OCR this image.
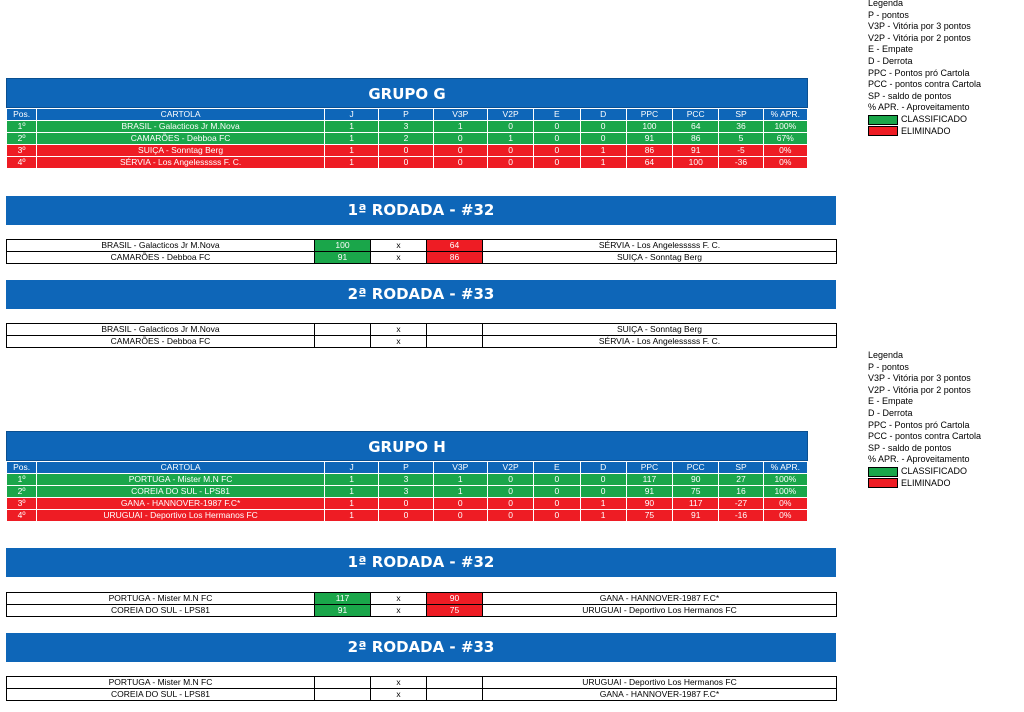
GRUPO G
Pos.	CARTOLA	J	P	V3P	V2P	E	D	PPC	PCC	SP	% APR.
1º	BRASIL - Galacticos Jr M.Nova	1	3	1	0	0	0	100	64	36	100%
2º	CAMARÕES - Debboa FC	1	2	0	1	0	0	91	86	5	67%
3º	SUIÇA - Sonntag Berg	1	0	0	0	0	1	86	91	-5	0%
4º	SÉRVIA - Los Angelesssss F. C.	1	0	0	0	0	1	64	100	-36	0%
1ª RODADA - #32
BRASIL - Galacticos Jr M.Nova	100	x	64	SÉRVIA - Los Angelesssss F. C.
CAMARÕES - Debboa FC	91	x	86	SUIÇA - Sonntag Berg
2ª RODADA - #33
BRASIL - Galacticos Jr M.Nova		x		SUIÇA - Sonntag Berg
CAMARÕES - Debboa FC		x		SÉRVIA - Los Angelesssss F. C.
GRUPO H
Pos.	CARTOLA	J	P	V3P	V2P	E	D	PPC	PCC	SP	% APR.
1º	PORTUGA - Mister M.N FC	1	3	1	0	0	0	117	90	27	100%
2º	COREIA DO SUL - LPS81	1	3	1	0	0	0	91	75	16	100%
3º	GANA - HANNOVER-1987 F.C*	1	0	0	0	0	1	90	117	-27	0%
4º	URUGUAI - Deportivo Los Hermanos FC	1	0	0	0	0	1	75	91	-16	0%
1ª RODADA - #32
PORTUGA - Mister M.N FC	117	x	90	GANA - HANNOVER-1987 F.C*
COREIA DO SUL - LPS81	91	x	75	URUGUAI - Deportivo Los Hermanos FC
2ª RODADA - #33
PORTUGA - Mister M.N FC		x		URUGUAI - Deportivo Los Hermanos FC
COREIA DO SUL - LPS81		x		GANA - HANNOVER-1987 F.C*
Legenda
P - pontos
V3P - Vitória por 3 pontos
V2P - Vitória por 2 pontos
E - Empate
D - Derrota
PPC - Pontos pró Cartola
PCC - pontos contra Cartola
SP - saldo de pontos
% APR. - Aproveitamento
CLASSIFICADO
ELIMINADO
Legenda
P - pontos
V3P - Vitória por 3 pontos
V2P - Vitória por 2 pontos
E - Empate
D - Derrota
PPC - Pontos pró Cartola
PCC - pontos contra Cartola
SP - saldo de pontos
% APR. - Aproveitamento
CLASSIFICADO
ELIMINADO
